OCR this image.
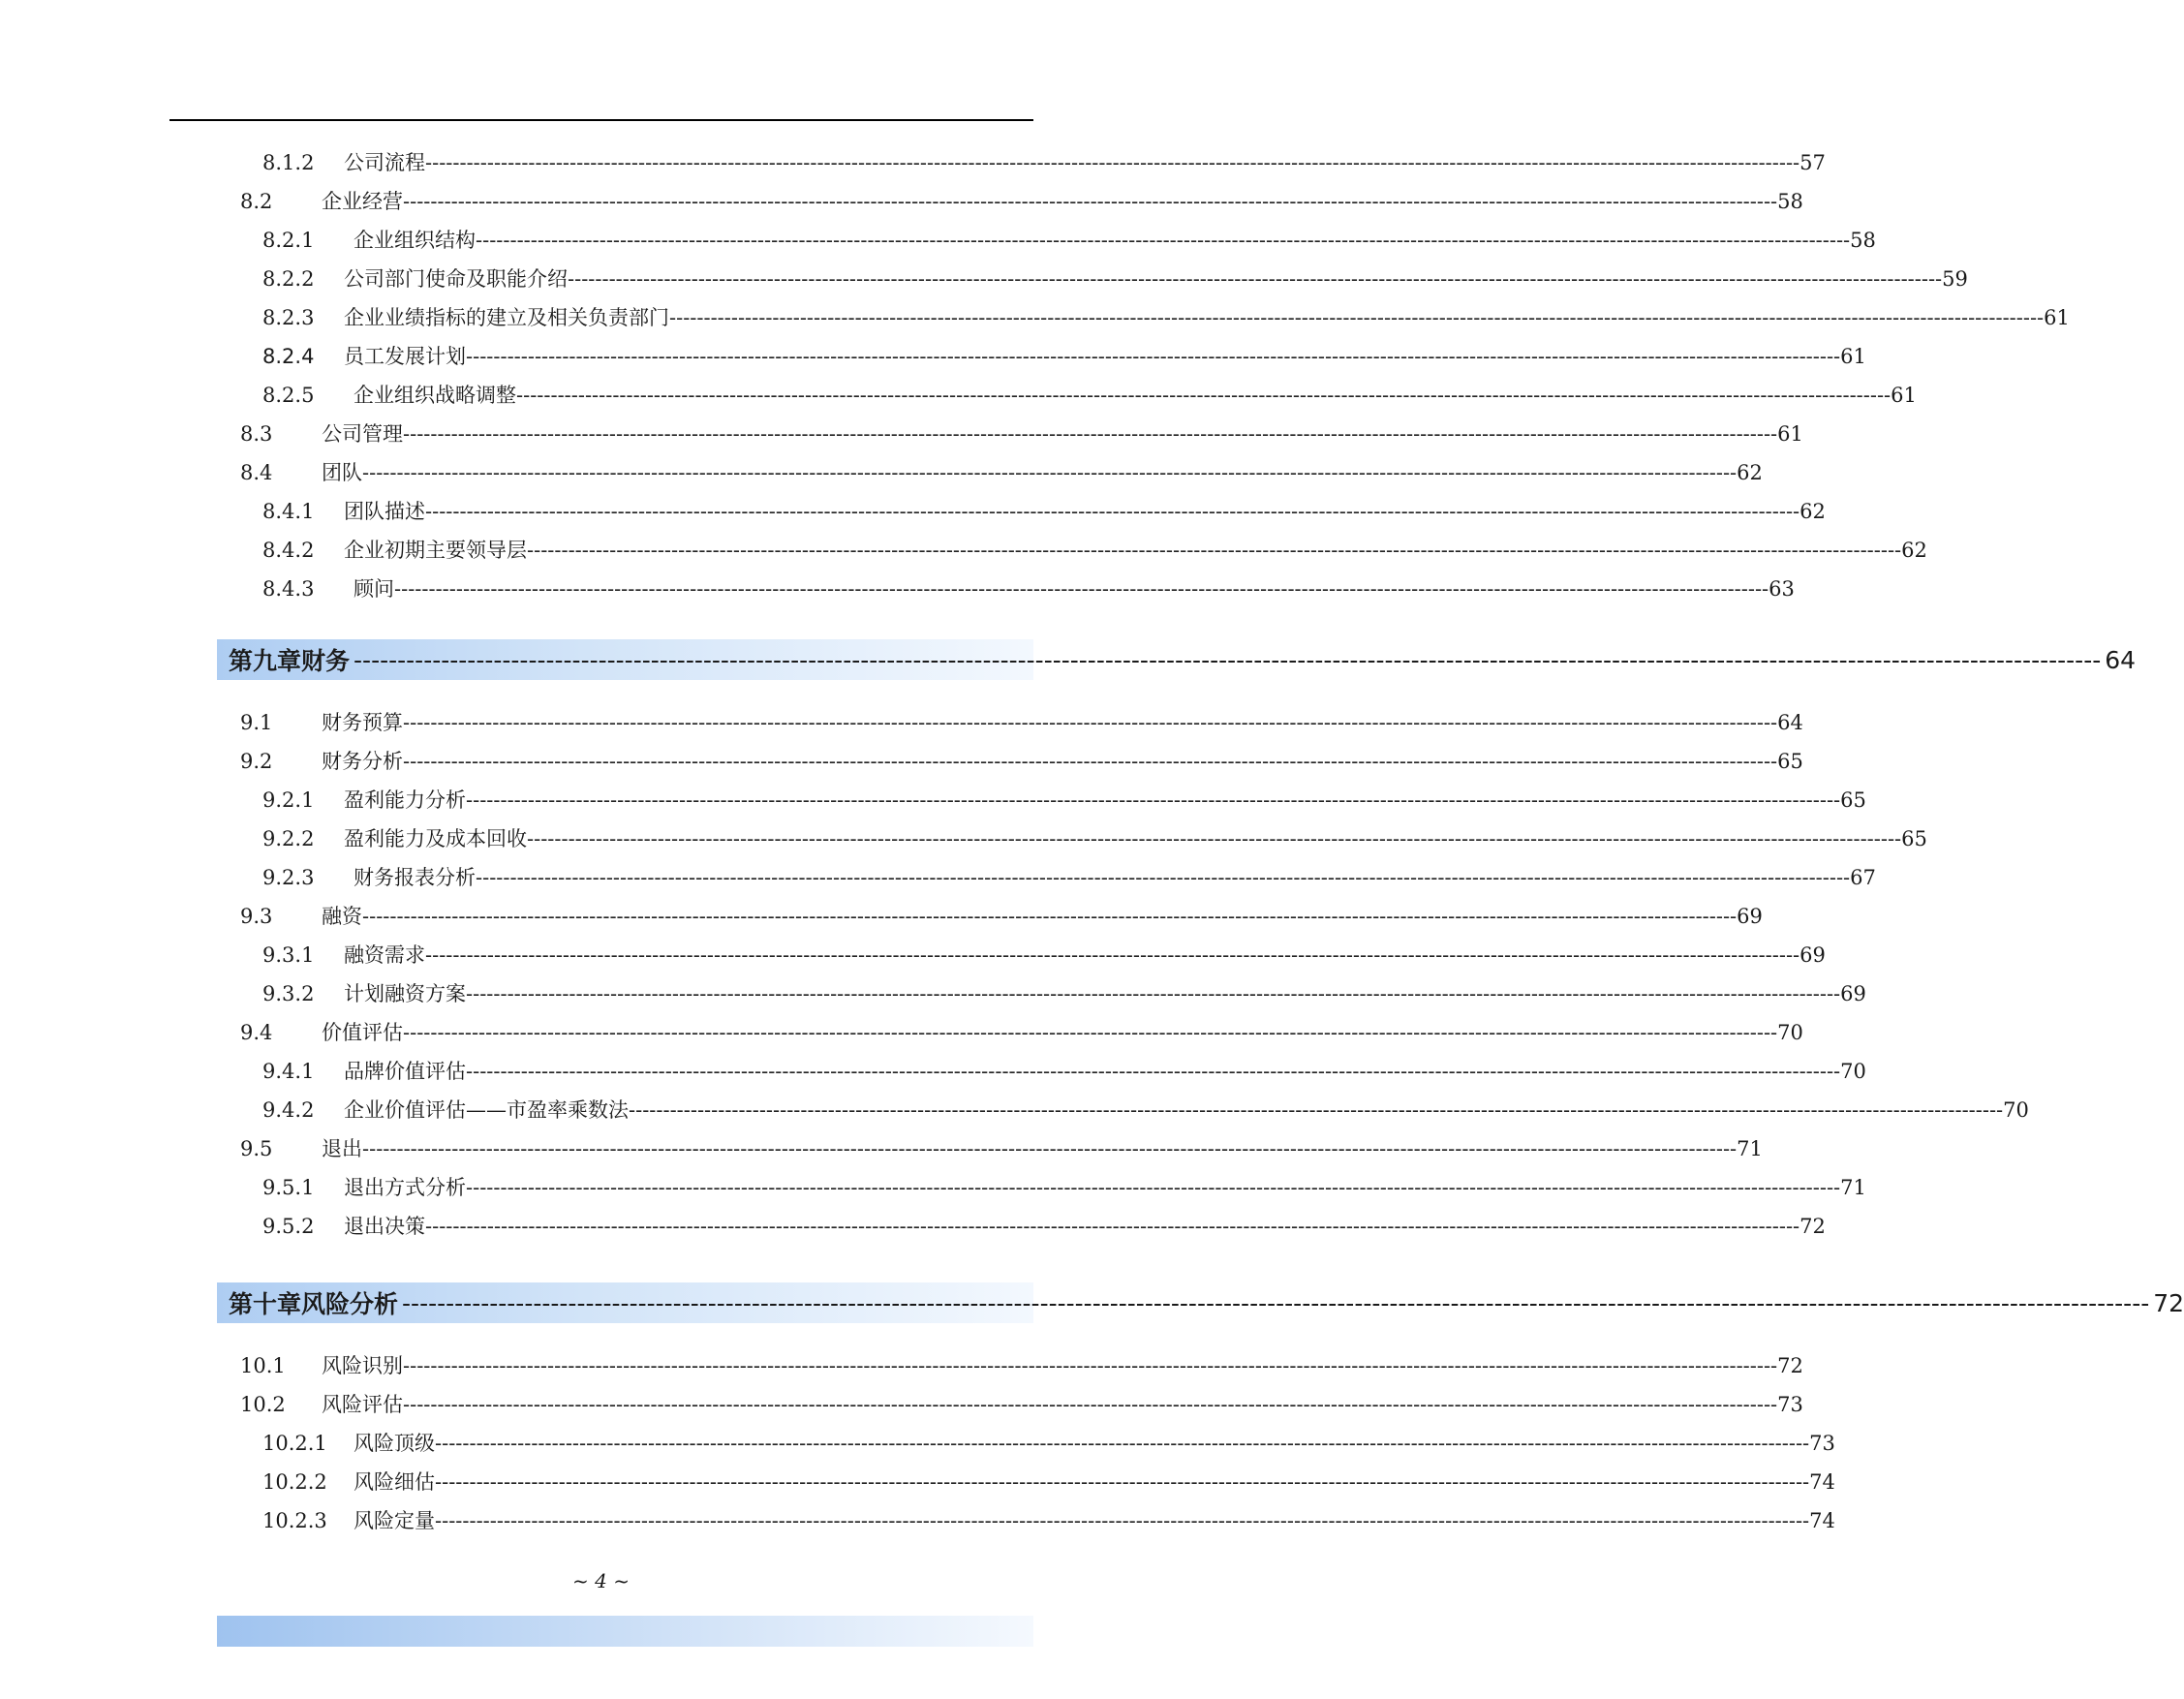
8.1.2	公司流程 -------------------------------------------------------------------------------------------------------------------------------------------------------------------------------------------------------- 57
8.2	企业经营 -------------------------------------------------------------------------------------------------------------------------------------------------------------------------------------------------------- 58
8.2.1	企业组织结构 -------------------------------------------------------------------------------------------------------------------------------------------------------------------------------------------------------- 58
8.2.2	公司部门使命及职能介绍 -------------------------------------------------------------------------------------------------------------------------------------------------------------------------------------------------------- 59
8.2.3	企业业绩指标的建立及相关负责部门 -------------------------------------------------------------------------------------------------------------------------------------------------------------------------------------------------------- 61
8.2.4	员工发展计划 -------------------------------------------------------------------------------------------------------------------------------------------------------------------------------------------------------- 61
8.2.5	企业组织战略调整 -------------------------------------------------------------------------------------------------------------------------------------------------------------------------------------------------------- 61
8.3	公司管理 -------------------------------------------------------------------------------------------------------------------------------------------------------------------------------------------------------- 61
8.4	团队 -------------------------------------------------------------------------------------------------------------------------------------------------------------------------------------------------------- 62
8.4.1	团队描述 -------------------------------------------------------------------------------------------------------------------------------------------------------------------------------------------------------- 62
8.4.2	企业初期主要领导层 -------------------------------------------------------------------------------------------------------------------------------------------------------------------------------------------------------- 62
8.4.3	顾问 -------------------------------------------------------------------------------------------------------------------------------------------------------------------------------------------------------- 63
第九章 财务 -------------------------------------------------------------------------------------------------------------------------------------------------------------------------------------------------------- 64
9.1	财务预算 -------------------------------------------------------------------------------------------------------------------------------------------------------------------------------------------------------- 64
9.2	财务分析 -------------------------------------------------------------------------------------------------------------------------------------------------------------------------------------------------------- 65
9.2.1	盈利能力分析 -------------------------------------------------------------------------------------------------------------------------------------------------------------------------------------------------------- 65
9.2.2	盈利能力及成本回收 -------------------------------------------------------------------------------------------------------------------------------------------------------------------------------------------------------- 65
9.2.3	财务报表分析 -------------------------------------------------------------------------------------------------------------------------------------------------------------------------------------------------------- 67
9.3	融资 -------------------------------------------------------------------------------------------------------------------------------------------------------------------------------------------------------- 69
9.3.1	融资需求 -------------------------------------------------------------------------------------------------------------------------------------------------------------------------------------------------------- 69
9.3.2	计划融资方案 -------------------------------------------------------------------------------------------------------------------------------------------------------------------------------------------------------- 69
9.4	价值评估 -------------------------------------------------------------------------------------------------------------------------------------------------------------------------------------------------------- 70
9.4.1	品牌价值评估 -------------------------------------------------------------------------------------------------------------------------------------------------------------------------------------------------------- 70
9.4.2	企业价值评估——市盈率乘数法 -------------------------------------------------------------------------------------------------------------------------------------------------------------------------------------------------------- 70
9.5	退出 -------------------------------------------------------------------------------------------------------------------------------------------------------------------------------------------------------- 71
9.5.1	退出方式分析 -------------------------------------------------------------------------------------------------------------------------------------------------------------------------------------------------------- 71
9.5.2	退出决策 -------------------------------------------------------------------------------------------------------------------------------------------------------------------------------------------------------- 72
第十章 风险分析 -------------------------------------------------------------------------------------------------------------------------------------------------------------------------------------------------------- 72
10.1	风险识别 -------------------------------------------------------------------------------------------------------------------------------------------------------------------------------------------------------- 72
10.2	风险评估 -------------------------------------------------------------------------------------------------------------------------------------------------------------------------------------------------------- 73
10.2.1	风险顶级 -------------------------------------------------------------------------------------------------------------------------------------------------------------------------------------------------------- 73
10.2.2	风险细估 -------------------------------------------------------------------------------------------------------------------------------------------------------------------------------------------------------- 74
10.2.3	风险定量 -------------------------------------------------------------------------------------------------------------------------------------------------------------------------------------------------------- 74
~ 4 ~
